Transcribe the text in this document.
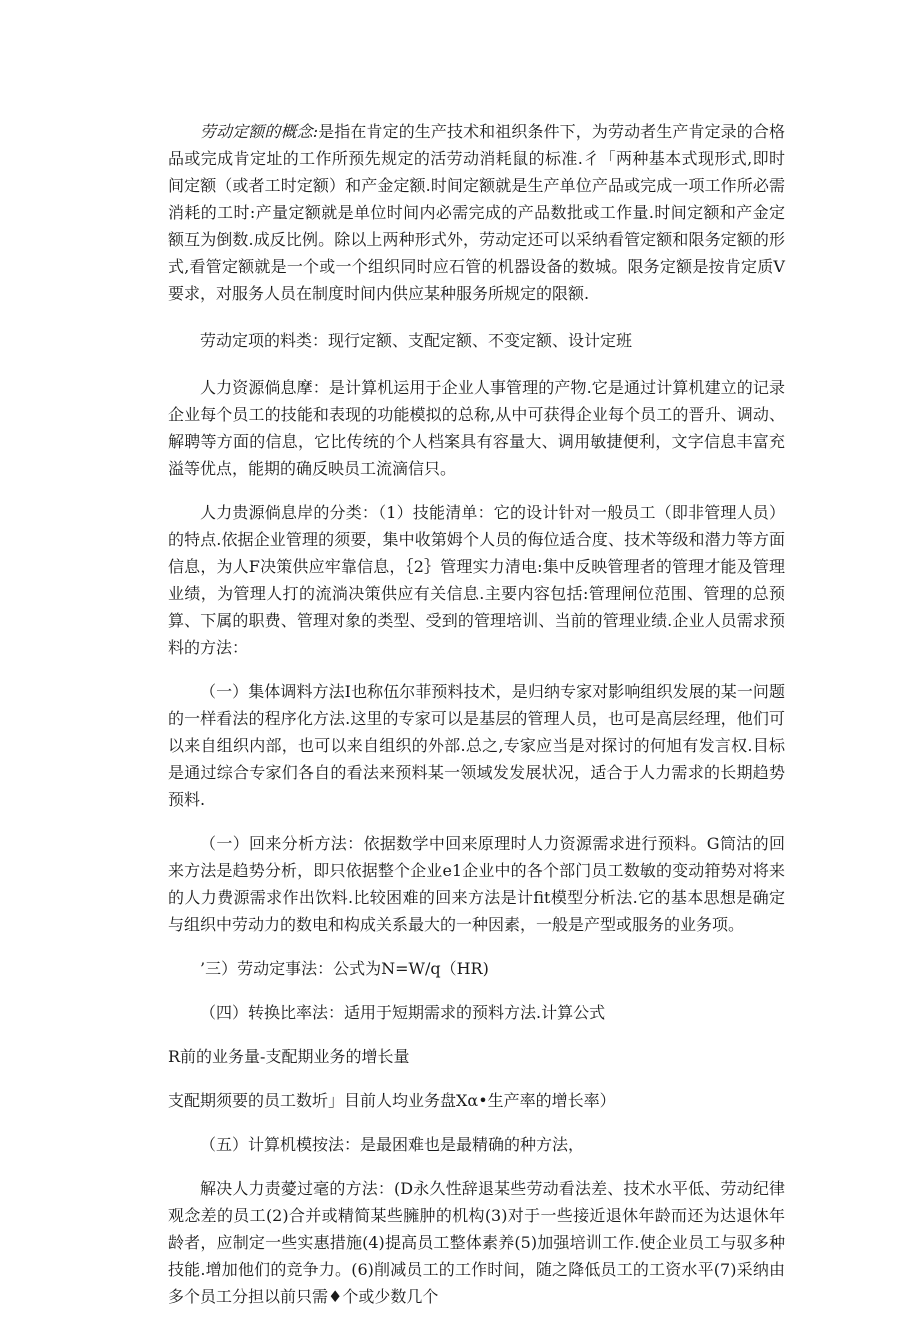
劳动定额的概念:是指在肯定的生产技术和祖织条件下，为劳动者生产肯定录的合格品或完成肯定址的工作所预先规定的活劳动消耗鼠的标准.彳「两种基本式现形式,即时间定额（或者工时定额）和产金定额.时间定额就是生产单位产品或完成一项工作所必需消耗的工时:产量定额就是单位时间内必需完成的产品数批或工作量.时间定额和产金定额互为倒数.成反比例。除以上两种形式外，劳动定还可以采纳看管定额和限务定额的形式,看管定额就是一个或一个组织同时应石管的机器设备的数城。限务定额是按肯定质V要求，对服务人员在制度时间内供应某种服务所规定的限额.

劳动定项的料类：现行定额、支配定额、不变定额、设计定班

人力资源倘息摩：是计算机运用于企业人事管理的产物.它是通过计算机建立的记录企业每个员工的技能和表现的功能模拟的总称,从中可获得企业每个员工的晋升、调动、解聘等方面的信息，它比传统的个人档案具有容量大、调用敏捷便利，文字信息丰富充溢等优点，能期的确反映员工流滴信只。

人力贵源倘息岸的分类：（1）技能清单：它的设计针对一般员工（即非管理人员）的特点.依据企业管理的须要，集中收第姆个人员的侮位适合度、技术等级和潜力等方面信息，为人F决策供应牢靠信息，｛2｝管理实力清电:集中反映管理者的管理才能及管理业绩，为管理人打的流淌决策供应有关信息.主要内容包括:管理闸位范围、管理的总预算、下属的职费、管理对象的类型、受到的管理培训、当前的管理业绩.企业人员需求预料的方法：

（一）集体调料方法I也称伍尔菲预料技术，是归纳专家对影响组织发展的某一问题的一样看法的程序化方法.这里的专家可以是基层的管理人员，也可是高层经理，他们可以来自组织内部，也可以来自组织的外部.总之,专家应当是对探讨的何旭有发言权.目标是通过综合专家们各自的看法来预料某一领域发发展状况，适合于人力需求的长期趋势预料.

（一）回来分析方法：依据数学中回来原理时人力资源需求进行预料。G筒沽的回来方法是趋势分析，即只依据整个企业e1企业中的各个部门员工数敏的变动箝势对将来的人力费源需求作出饮料.比较困难的回来方法是计fit模型分析法.它的基本思想是确定与组织中劳动力的数电和构成关系最大的一种因素，一般是产型或服务的业务项。

’三）劳动定事法：公式为N=W∕q（HR)

（四）转换比率法：适用于短期需求的预料方法.计算公式

R前的业务量-支配期业务的增长量

支配期须要的员工数圻」目前人均业务盘Xα•生产率的增长率）

（五）计算机模按法：是最困难也是最精确的种方法，

解决人力责薆过毫的方法：(D永久性辞退某些劳动看法差、技术水平低、劳动纪律观念差的员工(2)合并或精简某些臃肿的机构(3)对于一些接近退休年龄而还为达退休年龄者，应制定一些实惠措施(4)提高员工整体素养(5)加强培训工作.使企业员工与驭多种技能.增加他们的竞争力。(6)削减员工的工作时间，随之降低员工的工资水平(7)采纳由多个员工分担以前只需♦个或少数几个
